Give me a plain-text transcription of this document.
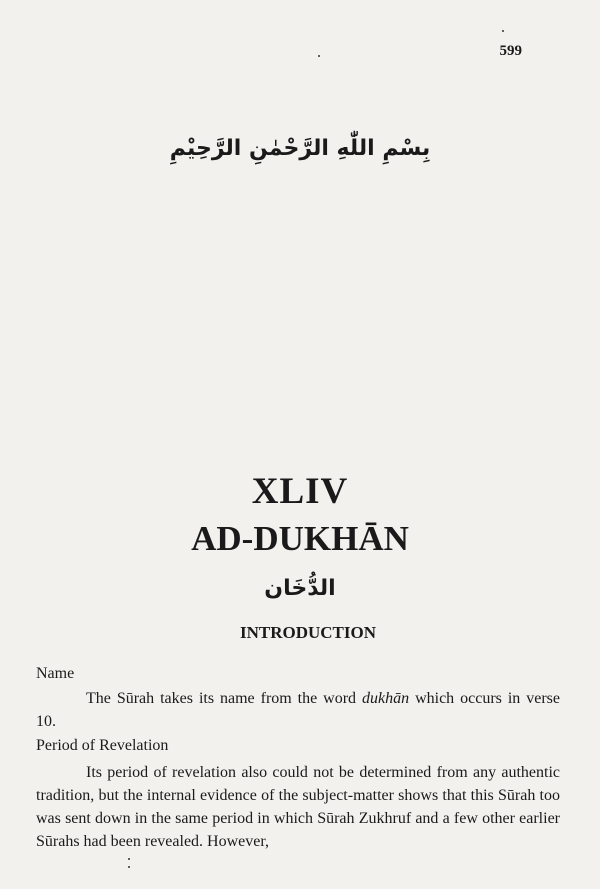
599
بِسْمِ اللّٰهِ الرَّحْمٰنِ الرَّحِيْمِ
XLIV
AD-DUKHĀN
الدُّخَان
INTRODUCTION
Name
The Sūrah takes its name from the word dukhān which occurs in verse 10.
Period of Revelation
Its period of revelation also could not be determined from any authentic tradition, but the internal evidence of the subject-matter shows that this Sūrah too was sent down in the same period in which Sūrah Zukhruf and a few other earlier Sūrahs had been revealed. However,
